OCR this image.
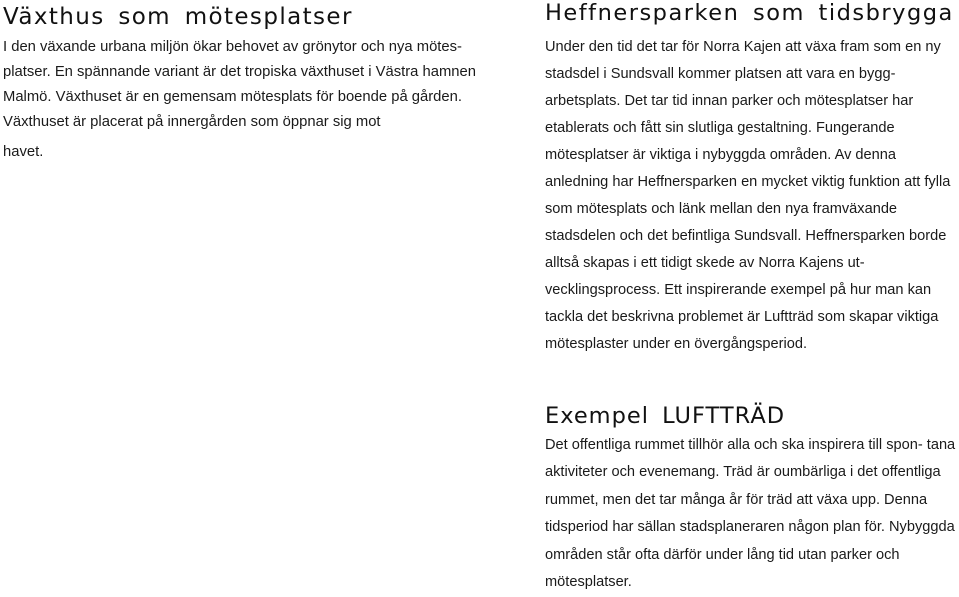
Växthus som mötesplatser

I den växande urbana miljön ökar behovet av grönytor och nya mötes- platser. En spännande variant är det tropiska växthuset i Västra hamnen Malmö. Växthuset är en gemensam mötesplats för boende på gården. Växthuset är placerat på innergården som öppnar sig mot
havet.

Heffnersparken som tidsbrygga

Under den tid det tar för Norra Kajen att växa fram som en ny stadsdel i Sundsvall kommer platsen att vara en bygg- arbetsplats. Det tar tid innan parker och mötesplatser har etablerats och fått sin slutliga gestaltning. Fungerande mötesplatser är viktiga i nybyggda områden. Av denna anledning har Heffnersparken en mycket viktig funktion att fylla som mötesplats och länk mellan den nya framväxande stadsdelen och det befintliga Sundsvall. Heffnersparken borde alltså skapas i ett tidigt skede av Norra Kajens ut- vecklingsprocess. Ett inspirerande exempel på hur man kan tackla det beskrivna problemet är Luftträd som skapar viktiga mötesplaster under en övergångsperiod.

Exempel LUFTTRÄD

Det offentliga rummet tillhör alla och ska inspirera till spon- tana aktiviteter och evenemang. Träd är oumbärliga i det offentliga rummet, men det tar många år för träd att växa upp. Denna tidsperiod har sällan stadsplaneraren någon plan för. Nybyggda områden står ofta därför under lång tid utan parker och mötesplatser.
